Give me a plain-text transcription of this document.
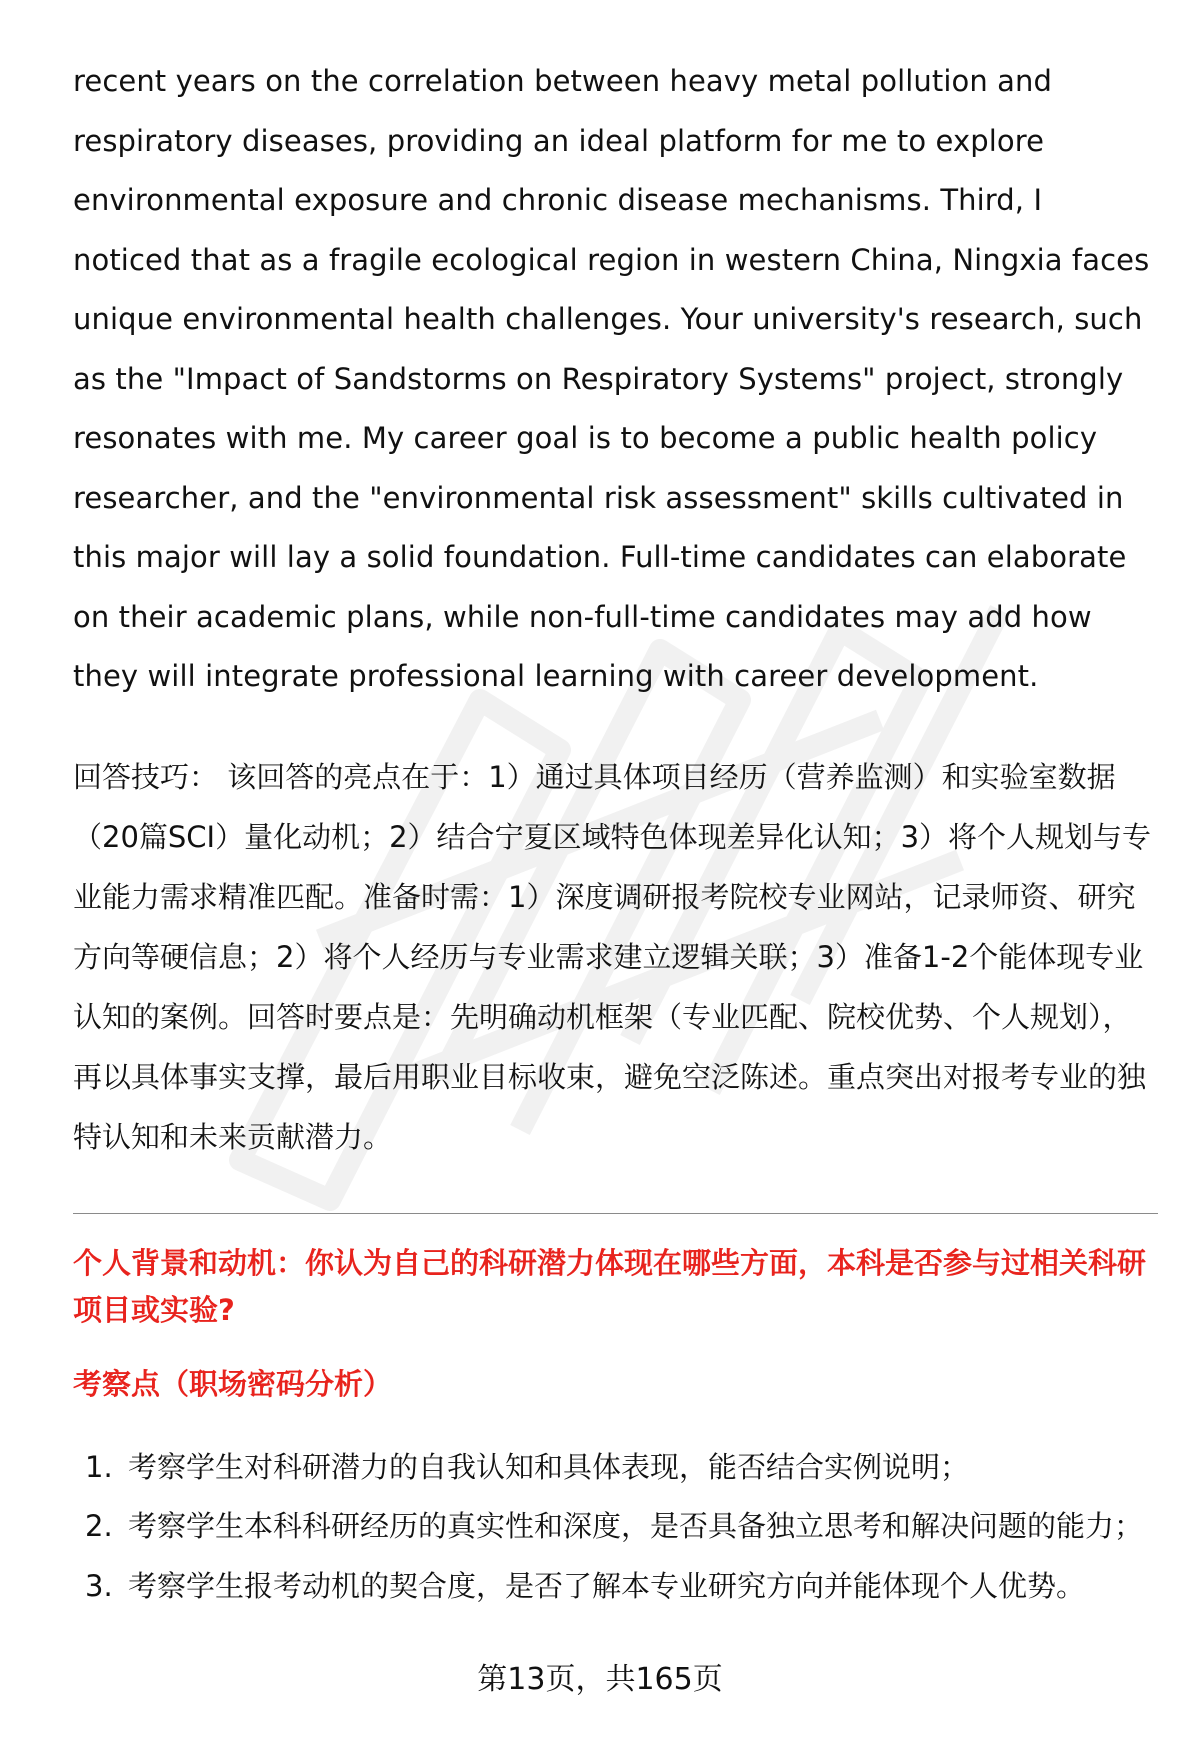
recent years on the correlation between heavy metal pollution and respiratory diseases, providing an ideal platform for me to explore environmental exposure and chronic disease mechanisms. Third, I noticed that as a fragile ecological region in western China, Ningxia faces unique environmental health challenges. Your university's research, such as the "Impact of Sandstorms on Respiratory Systems" project, strongly resonates with me. My career goal is to become a public health policy researcher, and the "environmental risk assessment" skills cultivated in this major will lay a solid foundation. Full-time candidates can elaborate on their academic plans, while non-full-time candidates may add how they will integrate professional learning with career development.

回答技巧： 该回答的亮点在于：1）通过具体项目经历（营养监测）和实验室数据（20篇SCI）量化动机；2）结合宁夏区域特色体现差异化认知；3）将个人规划与专业能力需求精准匹配。准备时需：1）深度调研报考院校专业网站，记录师资、研究方向等硬信息；2）将个人经历与专业需求建立逻辑关联；3）准备1-2个能体现专业认知的案例。回答时要点是：先明确动机框架（专业匹配、院校优势、个人规划），再以具体事实支撑，最后用职业目标收束，避免空泛陈述。重点突出对报考专业的独特认知和未来贡献潜力。

个人背景和动机：你认为自己的科研潜力体现在哪些方面，本科是否参与过相关科研项目或实验?

考察点（职场密码分析）

1. 考察学生对科研潜力的自我认知和具体表现，能否结合实例说明；
2. 考察学生本科科研经历的真实性和深度，是否具备独立思考和解决问题的能力；
3. 考察学生报考动机的契合度，是否了解本专业研究方向并能体现个人优势。
第13页，共165页
